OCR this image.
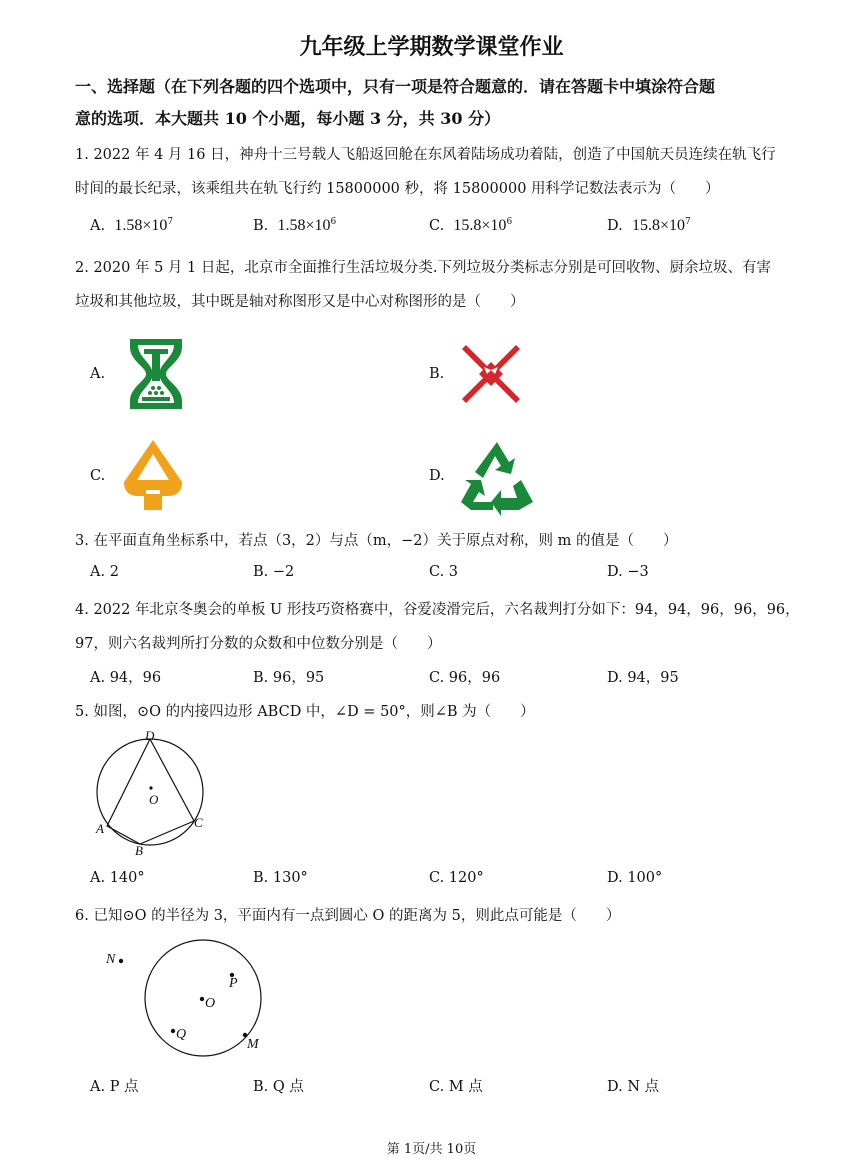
九年级上学期数学课堂作业
一、选择题（在下列各题的四个选项中，只有一项是符合题意的．请在答题卡中填涂符合题
意的选项．本大题共 10 个小题，每小题 3 分，共 30 分）
1. 2022 年 4 月 16 日，神舟十三号载人飞船返回舱在东风着陆场成功着陆，创造了中国航天员连续在轨飞行
时间的最长纪录，该乘组共在轨飞行约 15800000 秒，将 15800000 用科学记数法表示为（　　）
A. $1.58\times 10^7$	B. $1.58\times 10^6$	C. $15.8\times 10^6$	D. $15.8\times 10^7$
2. 2020 年 5 月 1 日起，北京市全面推行生活垃圾分类.下列垃圾分类标志分别是可回收物、厨余垃圾、有害
垃圾和其他垃圾，其中既是轴对称图形又是中心对称图形的是（　　）
A.	B.
C.	D.
3. 在平面直角坐标系中，若点（3，2）与点（m，−2）关于原点对称，则 m 的值是（　　）
A. 2	B. −2	C. 3	D. −3
4. 2022 年北京冬奥会的单板 U 形技巧资格赛中，谷爱凌滑完后，六名裁判打分如下：94，94，96，96，96，
97，则六名裁判所打分数的众数和中位数分别是（　　）
A. 94，96	B. 96，95	C. 96，96	D. 94，95
5. 如图，⊙O 的内接四边形 ABCD 中，∠D = 50°，则∠B 为（　　）
D
O
A	C
B
A. 140°	B. 130°	C. 120°	D. 100°
6. 已知⊙O 的半径为 3，平面内有一点到圆心 O 的距离为 5，则此点可能是（　　）
N
P
O
Q
M
A. P 点	B. Q 点	C. M 点	D. N 点
第 1页/共 10页
